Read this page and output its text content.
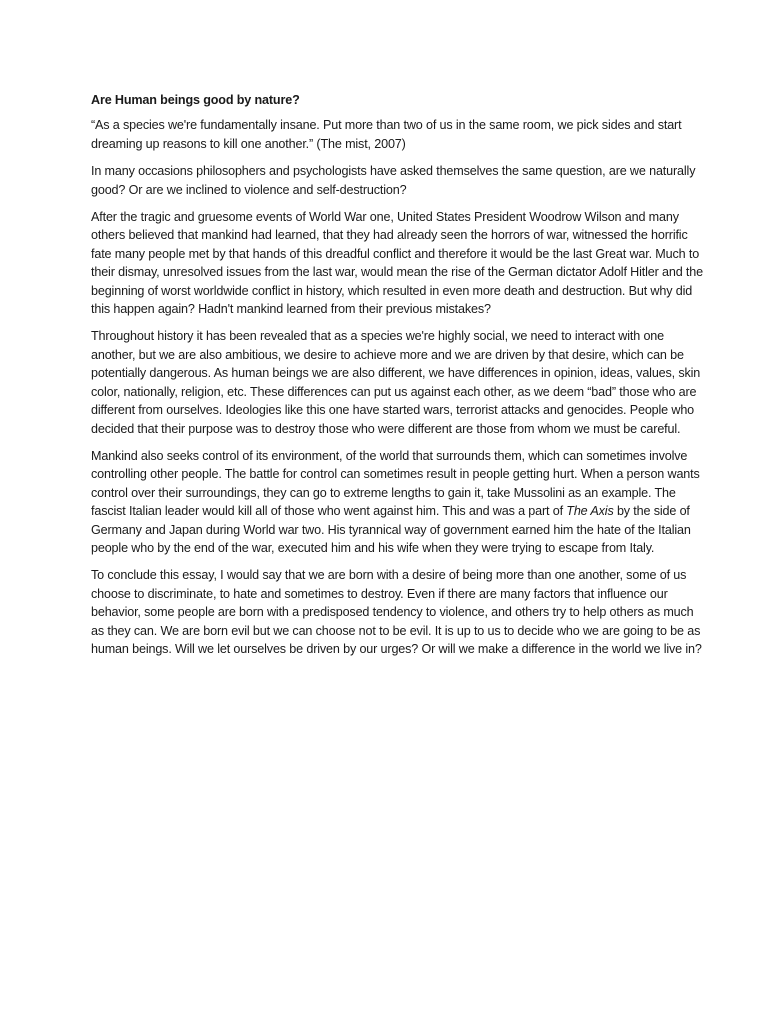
Are Human beings good by nature?

“As a species we're fundamentally insane. Put more than two of us in the same room, we pick sides and start dreaming up reasons to kill one another.” (The mist, 2007)

In many occasions philosophers and psychologists have asked themselves the same question, are we naturally good? Or are we inclined to violence and self-destruction?

After the tragic and gruesome events of World War one, United States President Woodrow Wilson and many others believed that mankind had learned, that they had already seen the horrors of war, witnessed the horrific fate many people met by that hands of this dreadful conflict and therefore it would be the last Great war. Much to their dismay, unresolved issues from the last war, would mean the rise of the German dictator Adolf Hitler and the beginning of worst worldwide conflict in history, which resulted in even more death and destruction. But why did this happen again? Hadn't mankind learned from their previous mistakes?

Throughout history it has been revealed that as a species we're highly social, we need to interact with one another, but we are also ambitious, we desire to achieve more and we are driven by that desire, which can be potentially dangerous. As human beings we are also different, we have differences in opinion, ideas, values, skin color, nationally, religion, etc. These differences can put us against each other, as we deem “bad” those who are different from ourselves. Ideologies like this one have started wars, terrorist attacks and genocides. People who decided that their purpose was to destroy those who were different are those from whom we must be careful.

Mankind also seeks control of its environment, of the world that surrounds them, which can sometimes involve controlling other people. The battle for control can sometimes result in people getting hurt. When a person wants control over their surroundings, they can go to extreme lengths to gain it, take Mussolini as an example. The fascist Italian leader would kill all of those who went against him. This and was a part of The Axis by the side of Germany and Japan during World war two. His tyrannical way of government earned him the hate of the Italian people who by the end of the war, executed him and his wife when they were trying to escape from Italy.

To conclude this essay, I would say that we are born with a desire of being more than one another, some of us choose to discriminate, to hate and sometimes to destroy. Even if there are many factors that influence our behavior, some people are born with a predisposed tendency to violence, and others try to help others as much as they can. We are born evil but we can choose not to be evil. It is up to us to decide who we are going to be as human beings. Will we let ourselves be driven by our urges? Or will we make a difference in the world we live in?
